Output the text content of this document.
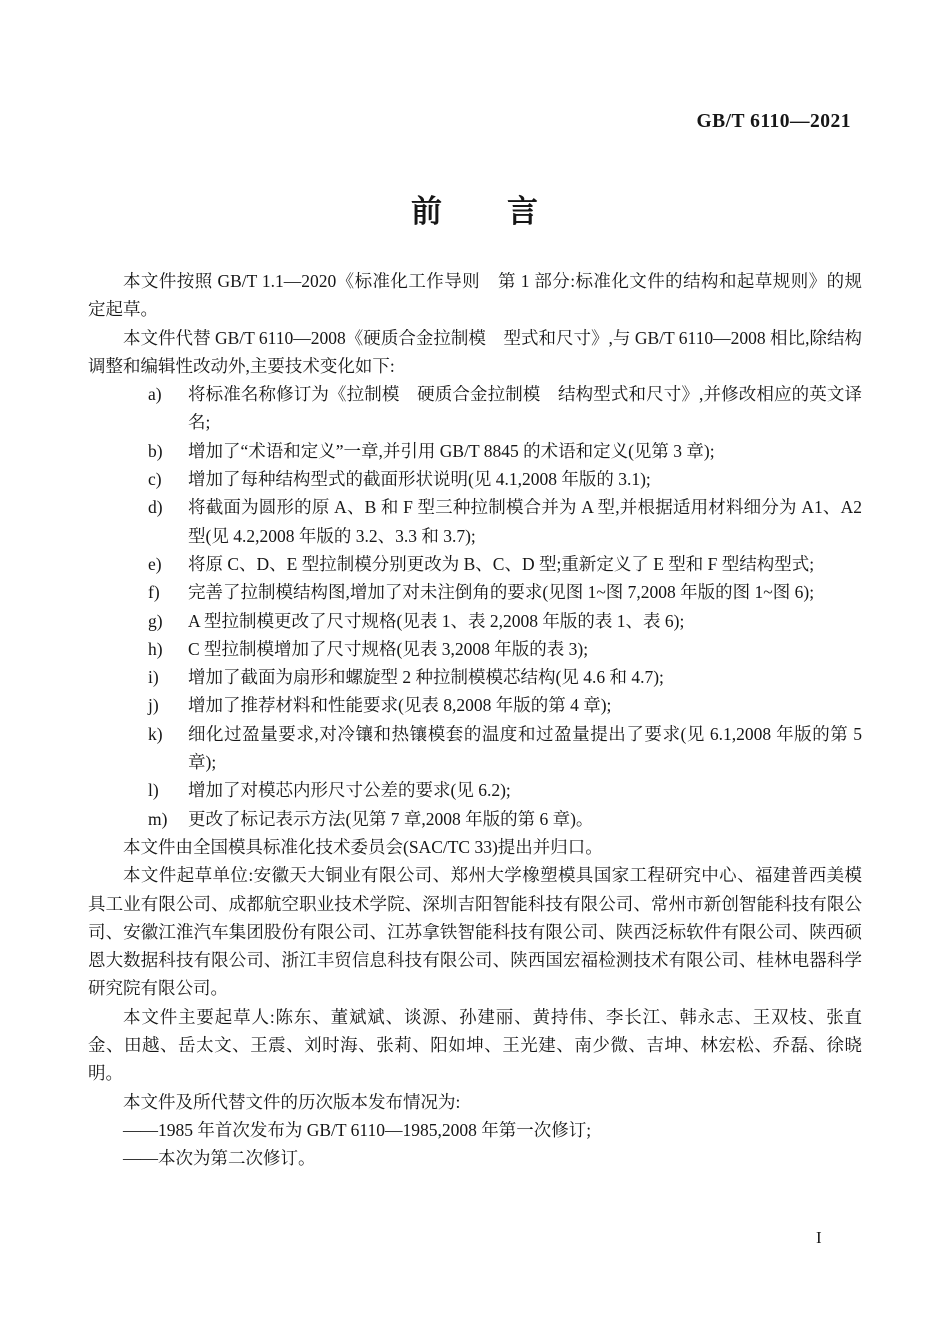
GB/T 6110—2021
前　　言

本文件按照 GB/T 1.1—2020《标准化工作导则　第 1 部分:标准化文件的结构和起草规则》的规定起草。

本文件代替 GB/T 6110—2008《硬质合金拉制模　型式和尺寸》,与 GB/T 6110—2008 相比,除结构调整和编辑性改动外,主要技术变化如下:

a) 将标准名称修订为《拉制模　硬质合金拉制模　结构型式和尺寸》,并修改相应的英文译名;
b) 增加了“术语和定义”一章,并引用 GB/T 8845 的术语和定义(见第 3 章);
c) 增加了每种结构型式的截面形状说明(见 4.1,2008 年版的 3.1);
d) 将截面为圆形的原 A、B 和 F 型三种拉制模合并为 A 型,并根据适用材料细分为 A1、A2 型(见 4.2,2008 年版的 3.2、3.3 和 3.7);
e) 将原 C、D、E 型拉制模分别更改为 B、C、D 型;重新定义了 E 型和 F 型结构型式;
f) 完善了拉制模结构图,增加了对未注倒角的要求(见图 1~图 7,2008 年版的图 1~图 6);
g) A 型拉制模更改了尺寸规格(见表 1、表 2,2008 年版的表 1、表 6);
h) C 型拉制模增加了尺寸规格(见表 3,2008 年版的表 3);
i) 增加了截面为扇形和螺旋型 2 种拉制模模芯结构(见 4.6 和 4.7);
j) 增加了推荐材料和性能要求(见表 8,2008 年版的第 4 章);
k) 细化过盈量要求,对冷镶和热镶模套的温度和过盈量提出了要求(见 6.1,2008 年版的第 5 章);
l) 增加了对模芯内形尺寸公差的要求(见 6.2);
m) 更改了标记表示方法(见第 7 章,2008 年版的第 6 章)。

本文件由全国模具标准化技术委员会(SAC/TC 33)提出并归口。

本文件起草单位:安徽天大铜业有限公司、郑州大学橡塑模具国家工程研究中心、福建普西美模具工业有限公司、成都航空职业技术学院、深圳吉阳智能科技有限公司、常州市新创智能科技有限公司、安徽江淮汽车集团股份有限公司、江苏拿铁智能科技有限公司、陕西泛标软件有限公司、陕西硕恩大数据科技有限公司、浙江丰贸信息科技有限公司、陕西国宏福检测技术有限公司、桂林电器科学研究院有限公司。

本文件主要起草人:陈东、董斌斌、谈源、孙建丽、黄持伟、李长江、韩永志、王双枝、张直金、田越、岳太文、王震、刘时海、张莉、阳如坤、王光建、南少微、吉坤、林宏松、乔磊、徐晓明。

本文件及所代替文件的历次版本发布情况为:

——1985 年首次发布为 GB/T 6110—1985,2008 年第一次修订;

——本次为第二次修订。

I
